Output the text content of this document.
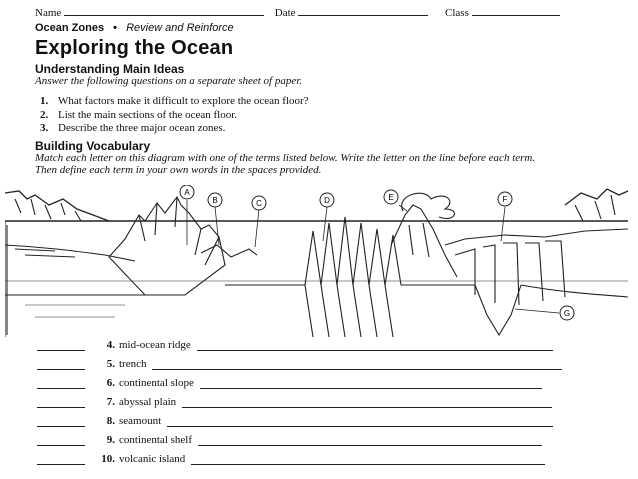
Name	Date	Class
Ocean Zones • Review and Reinforce
Exploring the Ocean
Understanding Main Ideas
Answer the following questions on a separate sheet of paper.
1. What factors make it difficult to explore the ocean floor?
2. List the main sections of the ocean floor.
3. Describe the three major ocean zones.
Building Vocabulary
Match each letter on this diagram with one of the terms listed below. Write the letter on the line before each term. Then define each term in your own words in the spaces provided.
A
B	C	D	E	F
G
4. mid-ocean ridge
5. trench
6. continental slope
7. abyssal plain
8. seamount
9. continental shelf
10. volcanic island
